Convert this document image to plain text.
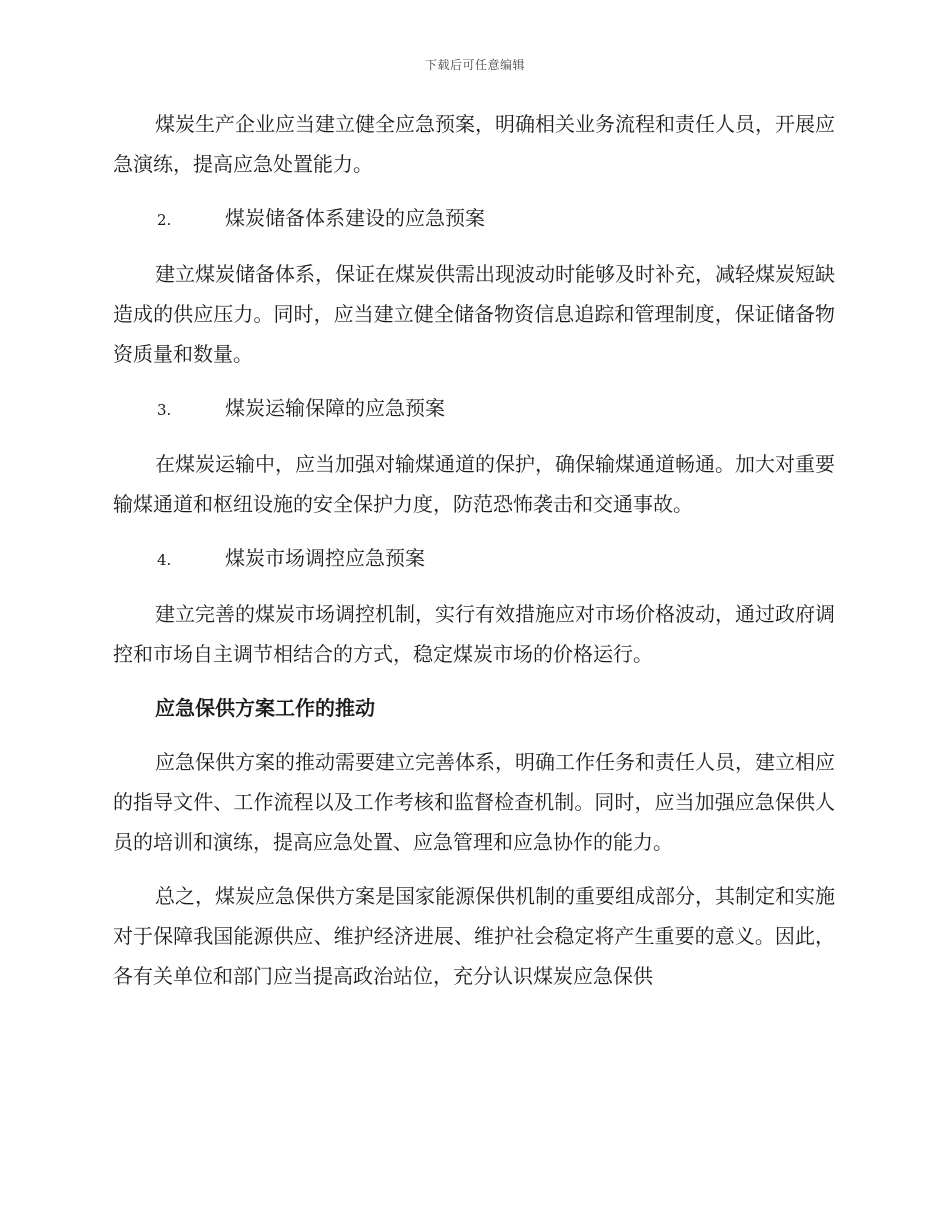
下载后可任意编辑

煤炭生产企业应当建立健全应急预案，明确相关业务流程和责任人员，开展应急演练，提高应急处置能力。

2.	煤炭储备体系建设的应急预案

建立煤炭储备体系，保证在煤炭供需出现波动时能够及时补充，减轻煤炭短缺造成的供应压力。同时，应当建立健全储备物资信息追踪和管理制度，保证储备物资质量和数量。

3.	煤炭运输保障的应急预案

在煤炭运输中，应当加强对输煤通道的保护，确保输煤通道畅通。加大对重要输煤通道和枢纽设施的安全保护力度，防范恐怖袭击和交通事故。

4.	煤炭市场调控应急预案

建立完善的煤炭市场调控机制，实行有效措施应对市场价格波动，通过政府调控和市场自主调节相结合的方式，稳定煤炭市场的价格运行。

应急保供方案工作的推动

应急保供方案的推动需要建立完善体系，明确工作任务和责任人员，建立相应的指导文件、工作流程以及工作考核和监督检查机制。同时，应当加强应急保供人员的培训和演练，提高应急处置、应急管理和应急协作的能力。

总之，煤炭应急保供方案是国家能源保供机制的重要组成部分，其制定和实施对于保障我国能源供应、维护经济进展、维护社会稳定将产生重要的意义。因此，各有关单位和部门应当提高政治站位，充分认识煤炭应急保供
